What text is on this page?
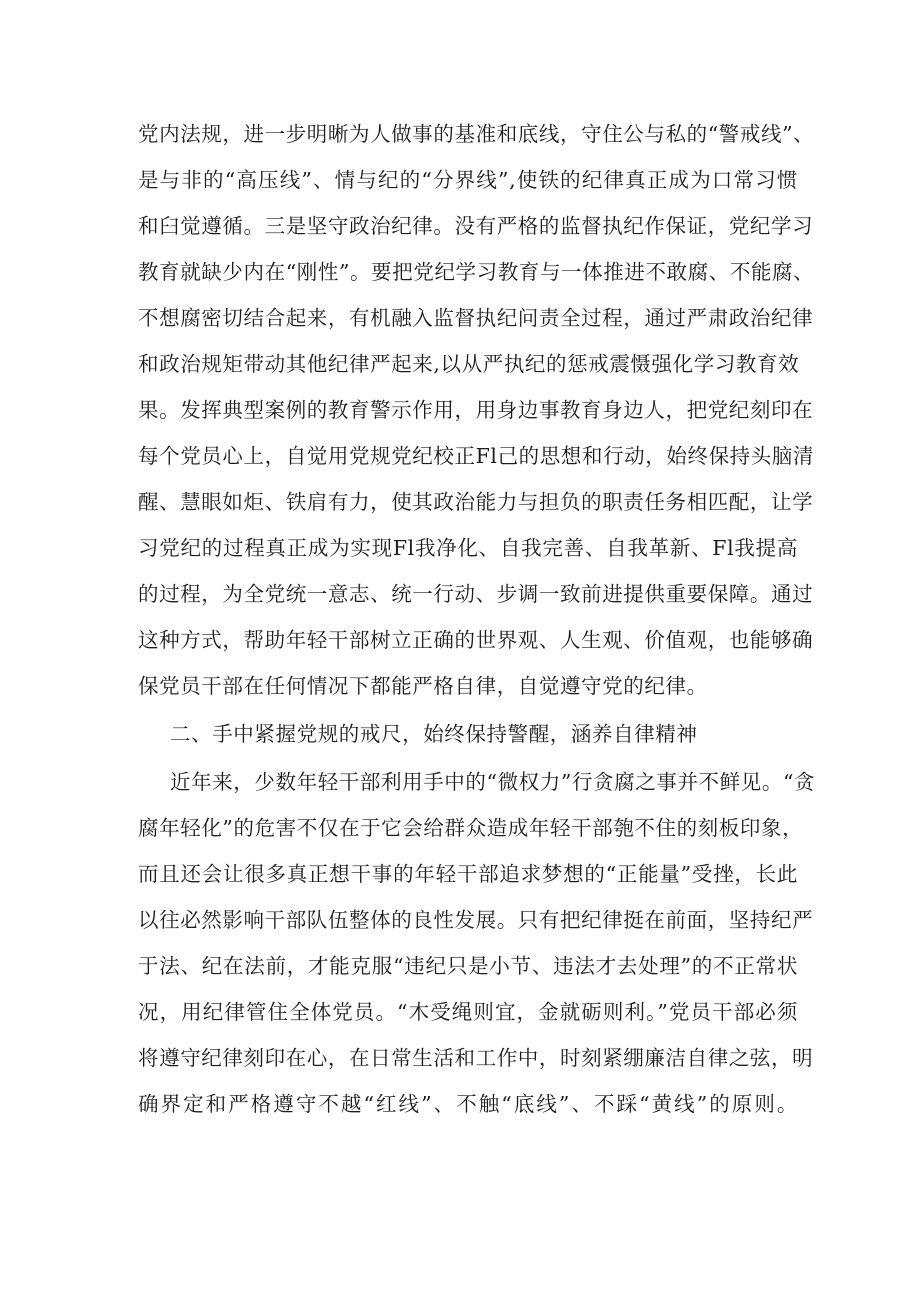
党内法规，进一步明晰为人做事的基准和底线，守住公与私的“警戒线”、
是与非的“高压线”、情与纪的“分界线”,使铁的纪律真正成为口常习惯
和臼觉遵循。三是坚守政治纪律。没有严格的监督执纪作保证，党纪学习
教育就缺少内在“刚性”。要把党纪学习教育与一体推进不敢腐、不能腐、
不想腐密切结合起来，有机融入监督执纪问责全过程，通过严肃政治纪律
和政治规矩带动其他纪律严起来,以从严执纪的惩戒震慑强化学习教育效
果。发挥典型案例的教育警示作用，用身边事教育身边人，把党纪刻印在
每个党员心上，自觉用党规党纪校正Fl己的思想和行动，始终保持头脑清
醒、慧眼如炬、铁肩有力，使其政治能力与担负的职责任务相匹配，让学
习党纪的过程真正成为实现Fl我净化、自我完善、自我革新、Fl我提高
的过程，为全党统一意志、统一行动、步调一致前进提供重要保障。通过
这种方式，帮助年轻干部树立正确的世界观、人生观、价值观，也能够确
保党员干部在任何情况下都能严格自律，自觉遵守党的纪律。
二、手中紧握党规的戒尺，始终保持警醒，涵养自律精神
近年来，少数年轻干部利用手中的“微权力”行贪腐之事并不鲜见。“贪
腐年轻化”的危害不仅在于它会给群众造成年轻干部匏不住的刻板印象，
而且还会让很多真正想干事的年轻干部追求梦想的“正能量”受挫，长此
以往必然影响干部队伍整体的良性发展。只有把纪律挺在前面，坚持纪严
于法、纪在法前，才能克服“违纪只是小节、违法才去处理”的不正常状
况，用纪律管住全体党员。“木受绳则宜，金就砺则利。”党员干部必须
将遵守纪律刻印在心，在日常生活和工作中，时刻紧绷廉洁自律之弦，明
确界定和严格遵守不越“红线”、不触“底线”、不踩“黄线”的原则。
